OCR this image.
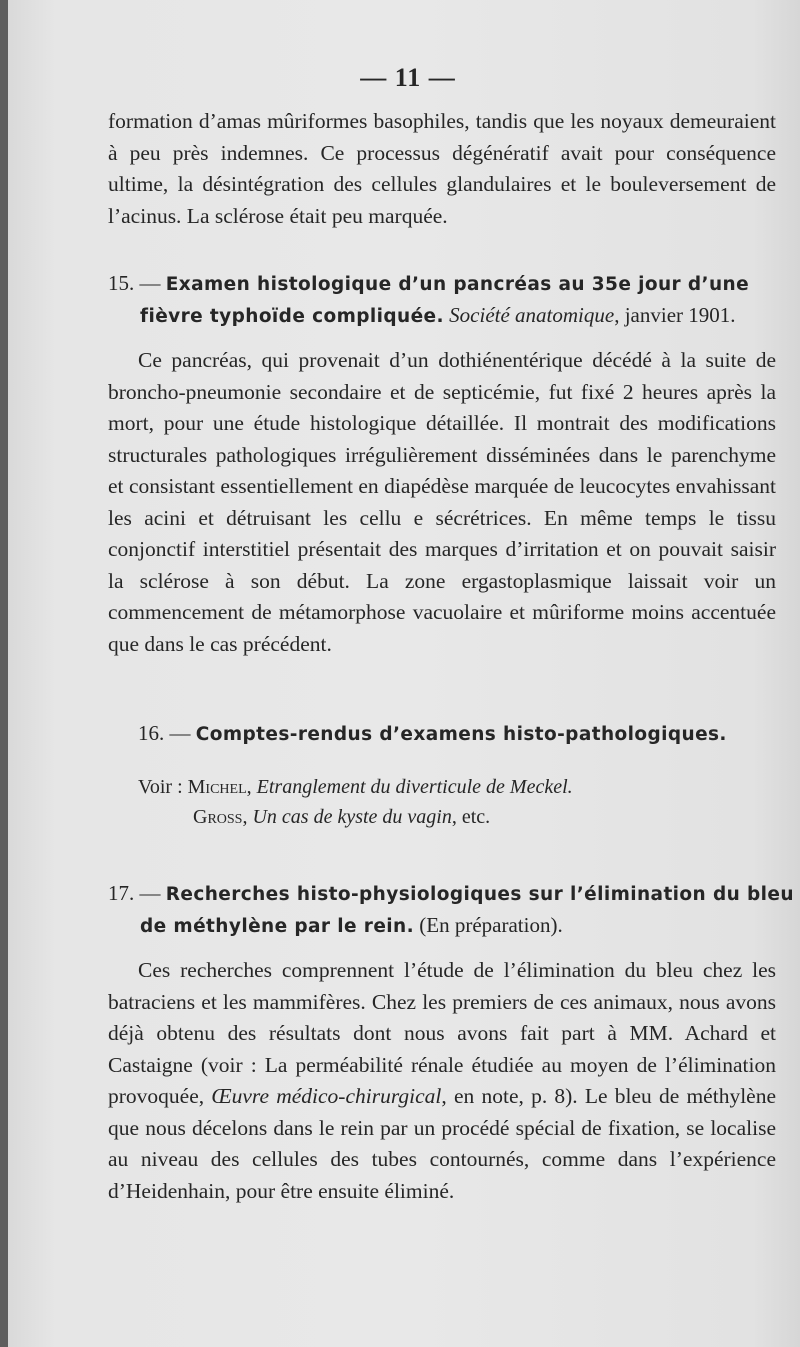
— 11 —
formation d’amas mûriformes basophiles, tandis que les noyaux demeuraient à peu près indemnes. Ce processus dégénératif avait pour conséquence ultime, la désintégration des cellules glandulaires et le bouleversement de l’acinus. La sclérose était peu marquée.
15. — Examen histologique d’un pancréas au 35e jour d’une fièvre typhoïde compliquée. Société anatomique, janvier 1901.
Ce pancréas, qui provenait d’un dothiénentérique décédé à la suite de broncho-pneumonie secondaire et de septicémie, fut fixé 2 heures après la mort, pour une étude histologique détaillée. Il montrait des modifications structurales pathologiques irrégulièrement disséminées dans le parenchyme et consistant essentiellement en diapédèse marquée de leucocytes envahissant les acini et détruisant les cellu e sécrétrices. En même temps le tissu conjonctif interstitiel présentait des marques d’irritation et on pouvait saisir la sclérose à son début. La zone ergastoplasmique laissait voir un commencement de métamorphose vacuolaire et mûriforme moins accentuée que dans le cas précédent.
16. — Comptes-rendus d’examens histo-pathologiques.
Voir : Michel, Etranglement du diverticule de Meckel.
Gross, Un cas de kyste du vagin, etc.
17. — Recherches histo-physiologiques sur l’élimination du bleu de méthylène par le rein. (En préparation).
Ces recherches comprennent l’étude de l’élimination du bleu chez les batraciens et les mammifères. Chez les premiers de ces animaux, nous avons déjà obtenu des résultats dont nous avons fait part à MM. Achard et Castaigne (voir : La perméabilité rénale étudiée au moyen de l’élimination provoquée, Œuvre médico-chirurgical, en note, p. 8). Le bleu de méthylène que nous décelons dans le rein par un procédé spécial de fixation, se localise au niveau des cellules des tubes contournés, comme dans l’expérience d’Heidenhain, pour être ensuite éliminé.
